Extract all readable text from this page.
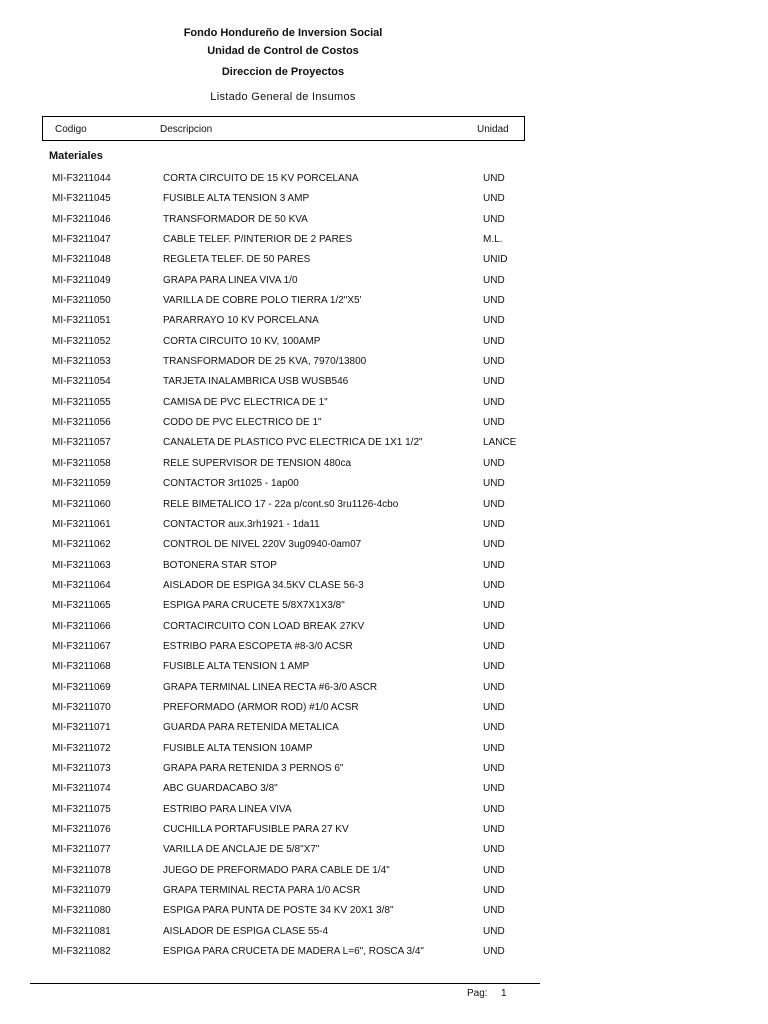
Fondo Hondureño de Inversion Social
Unidad de Control de Costos
Direccion de Proyectos
Listado General de Insumos
Codigo	Descripcion	Unidad
Materiales
MI-F3211044	CORTA CIRCUITO DE 15 KV PORCELANA	UND
MI-F3211045	FUSIBLE ALTA TENSION 3 AMP	UND
MI-F3211046	TRANSFORMADOR DE 50 KVA	UND
MI-F3211047	CABLE TELEF. P/INTERIOR DE 2 PARES	M.L.
MI-F3211048	REGLETA TELEF. DE 50 PARES	UNID
MI-F3211049	GRAPA PARA LINEA VIVA 1/0	UND
MI-F3211050	VARILLA DE COBRE POLO TIERRA 1/2"X5'	UND
MI-F3211051	PARARRAYO 10 KV PORCELANA	UND
MI-F3211052	CORTA CIRCUITO 10 KV, 100AMP	UND
MI-F3211053	TRANSFORMADOR DE 25 KVA, 7970/13800	UND
MI-F3211054	TARJETA INALAMBRICA USB WUSB546	UND
MI-F3211055	CAMISA DE PVC ELECTRICA DE 1"	UND
MI-F3211056	CODO DE PVC ELECTRICO DE 1"	UND
MI-F3211057	CANALETA DE PLASTICO PVC ELECTRICA DE 1X1 1/2"	LANCE
MI-F3211058	RELE SUPERVISOR DE TENSION 480ca	UND
MI-F3211059	CONTACTOR 3rt1025 - 1ap00	UND
MI-F3211060	RELE BIMETALICO 17 - 22a p/cont.s0 3ru1126-4cbo	UND
MI-F3211061	CONTACTOR aux.3rh1921 - 1da11	UND
MI-F3211062	CONTROL DE NIVEL 220V 3ug0940-0am07	UND
MI-F3211063	BOTONERA STAR STOP	UND
MI-F3211064	AISLADOR DE ESPIGA 34.5KV CLASE 56-3	UND
MI-F3211065	ESPIGA PARA CRUCETE 5/8X7X1X3/8"	UND
MI-F3211066	CORTACIRCUITO CON LOAD BREAK 27KV	UND
MI-F3211067	ESTRIBO PARA ESCOPETA #8-3/0 ACSR	UND
MI-F3211068	FUSIBLE ALTA TENSION 1 AMP	UND
MI-F3211069	GRAPA TERMINAL LINEA RECTA #6-3/0 ASCR	UND
MI-F3211070	PREFORMADO (ARMOR ROD) #1/0 ACSR	UND
MI-F3211071	GUARDA PARA RETENIDA METALICA	UND
MI-F3211072	FUSIBLE ALTA TENSION 10AMP	UND
MI-F3211073	GRAPA PARA RETENIDA 3 PERNOS 6"	UND
MI-F3211074	ABC GUARDACABO 3/8"	UND
MI-F3211075	ESTRIBO PARA LINEA VIVA	UND
MI-F3211076	CUCHILLA PORTAFUSIBLE PARA 27 KV	UND
MI-F3211077	VARILLA DE ANCLAJE DE 5/8"X7"	UND
MI-F3211078	JUEGO DE PREFORMADO PARA CABLE DE 1/4"	UND
MI-F3211079	GRAPA TERMINAL RECTA PARA 1/0 ACSR	UND
MI-F3211080	ESPIGA PARA PUNTA DE POSTE 34 KV 20X1 3/8"	UND
MI-F3211081	AISLADOR DE ESPIGA CLASE 55-4	UND
MI-F3211082	ESPIGA PARA CRUCETA DE MADERA L=6", ROSCA 3/4"	UND
Pag: 1
